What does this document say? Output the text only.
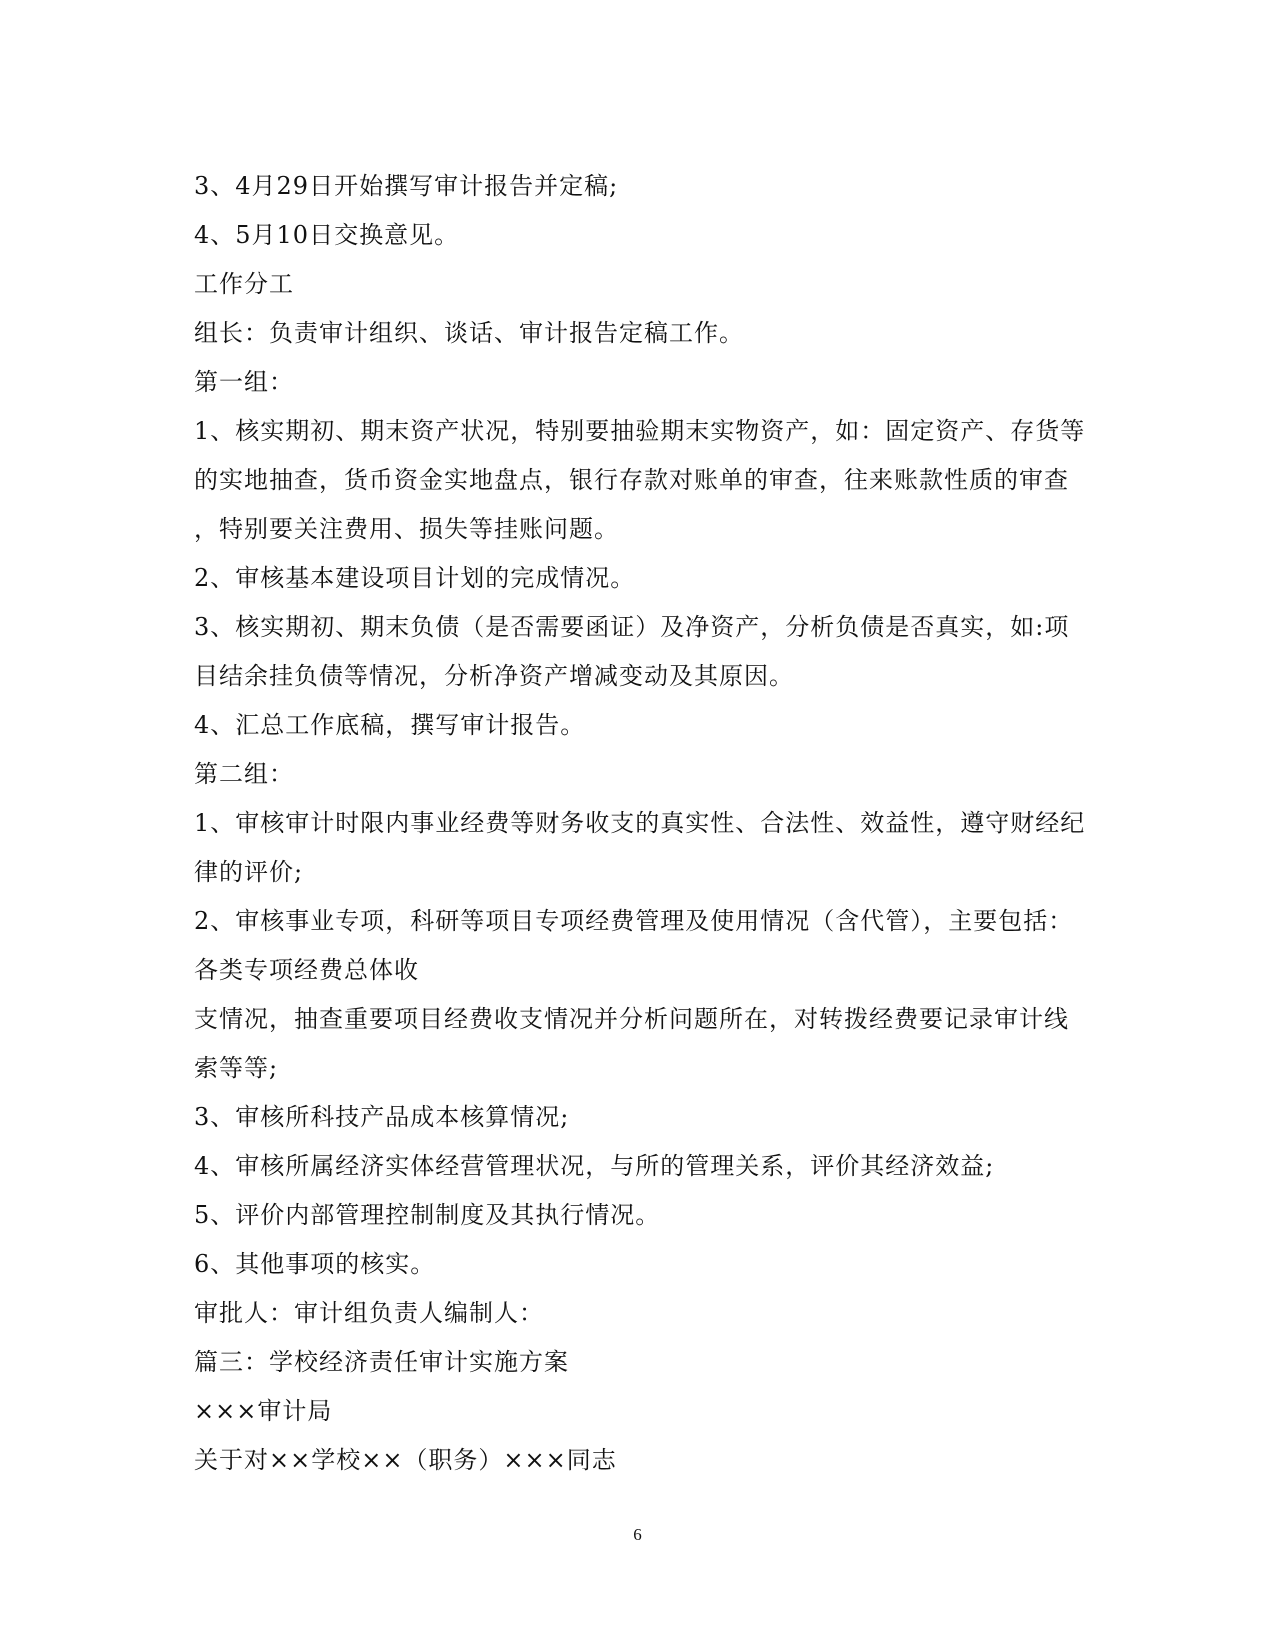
3、4月29日开始撰写审计报告并定稿;
4、5月10日交换意见。
工作分工
组长：负责审计组织、谈话、审计报告定稿工作。
第一组：
1、核实期初、期末资产状况，特别要抽验期末实物资产，如：固定资产、存货等
的实地抽查，货币资金实地盘点，银行存款对账单的审查，往来账款性质的审查
，特别要关注费用、损失等挂账问题。
2、审核基本建设项目计划的完成情况。
3、核实期初、期末负债（是否需要函证）及净资产，分析负债是否真实，如:项
目结余挂负债等情况，分析净资产增减变动及其原因。
4、汇总工作底稿，撰写审计报告。
第二组：
1、审核审计时限内事业经费等财务收支的真实性、合法性、效益性，遵守财经纪
律的评价;
2、审核事业专项，科研等项目专项经费管理及使用情况（含代管），主要包括：
各类专项经费总体收
支情况，抽查重要项目经费收支情况并分析问题所在，对转拨经费要记录审计线
索等等;
3、审核所科技产品成本核算情况;
4、审核所属经济实体经营管理状况，与所的管理关系，评价其经济效益;
5、评价内部管理控制制度及其执行情况。
6、其他事项的核实。
审批人：审计组负责人编制人：
篇三：学校经济责任审计实施方案
×××审计局
关于对××学校××（职务）×××同志
6
